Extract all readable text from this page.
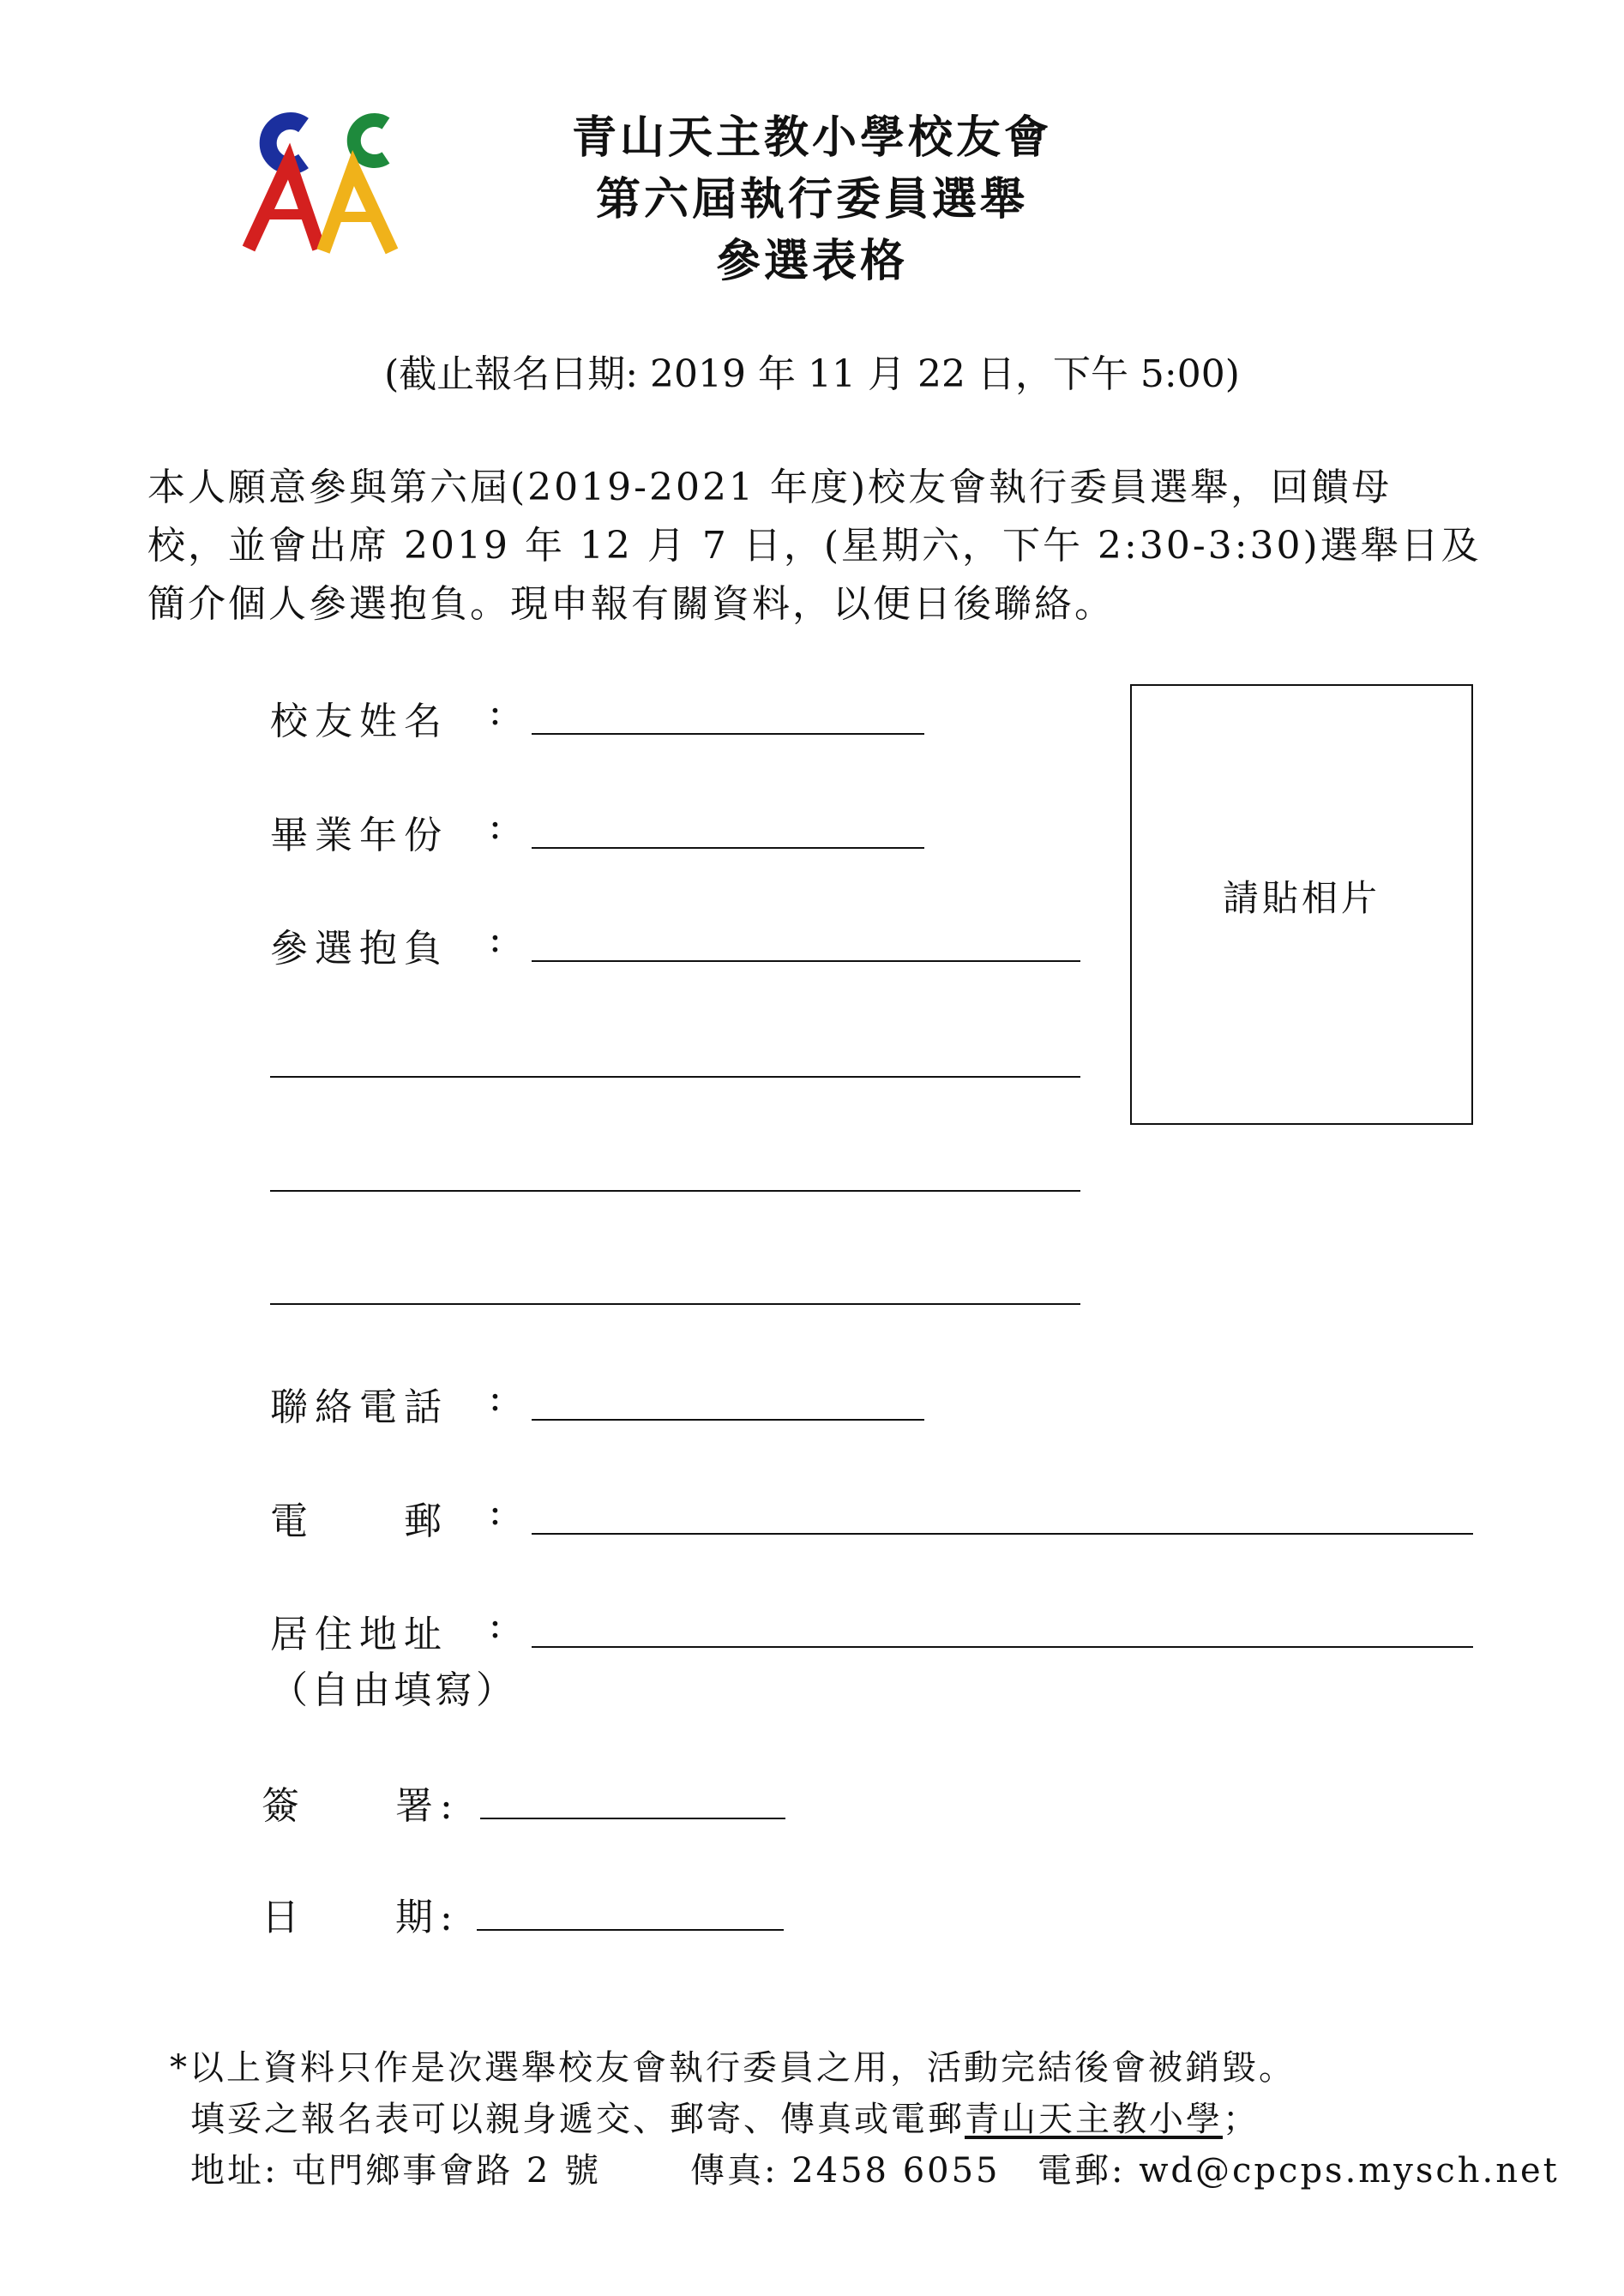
青山天主教小學校友會
第六屆執行委員選舉
參選表格
(截止報名日期: 2019 年 11 月 22 日，下午 5:00)
本人願意參與第六屆(2019-2021 年度)校友會執行委員選舉，回饋母
校，並會出席 2019 年 12 月 7 日，(星期六，下午 2:30-3:30)選舉日及
簡介個人參選抱負。現申報有關資料，以便日後聯絡。
校友姓名 :
畢業年份 :
參選抱負 :
請貼相片
聯絡電話 :
電　　郵 :
居住地址 :
（自由填寫）
簽　　署:
日　　期:
*以上資料只作是次選舉校友會執行委員之用，活動完結後會被銷毀。
填妥之報名表可以親身遞交、郵寄、傳真或電郵青山天主教小學；
地址: 屯門鄉事會路 2 號	傳真: 2458 6055 電郵: wd@cpcps.mysch.net
